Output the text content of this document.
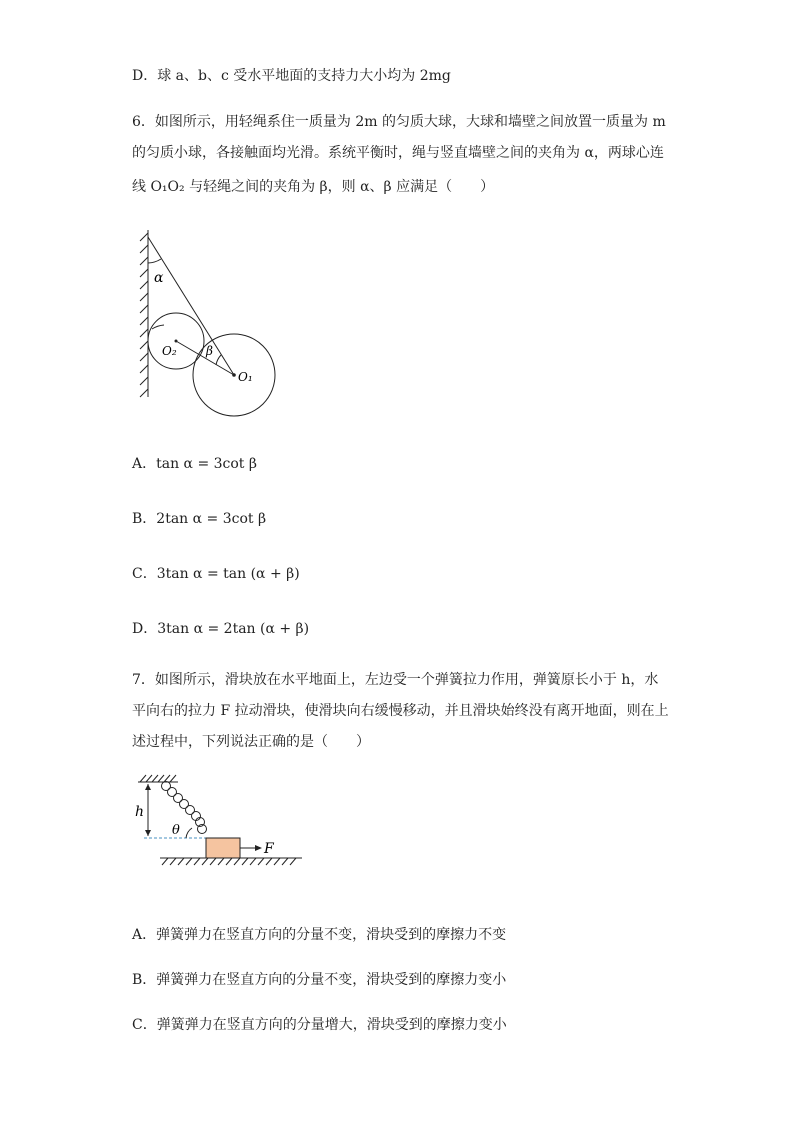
D．球 a、b、c 受水平地面的支持力大小均为 2mg
6．如图所示，用轻绳系住一质量为 2m 的匀质大球，大球和墙壁之间放置一质量为 m
的匀质小球，各接触面均光滑。系统平衡时，绳与竖直墙壁之间的夹角为 α，两球心连
线 O₁O₂ 与轻绳之间的夹角为 β，则 α、β 应满足（　　）
α
β
O₂
O₁
A．tan α = 3cot β
B．2tan α = 3cot β
C．3tan α = tan (α + β)
D．3tan α = 2tan (α + β)
7．如图所示，滑块放在水平地面上，左边受一个弹簧拉力作用，弹簧原长小于 h，水
平向右的拉力 F 拉动滑块，使滑块向右缓慢移动，并且滑块始终没有离开地面，则在上
述过程中，下列说法正确的是（　　）
h
θ
F
A．弹簧弹力在竖直方向的分量不变，滑块受到的摩擦力不变
B．弹簧弹力在竖直方向的分量不变，滑块受到的摩擦力变小
C．弹簧弹力在竖直方向的分量增大，滑块受到的摩擦力变小
